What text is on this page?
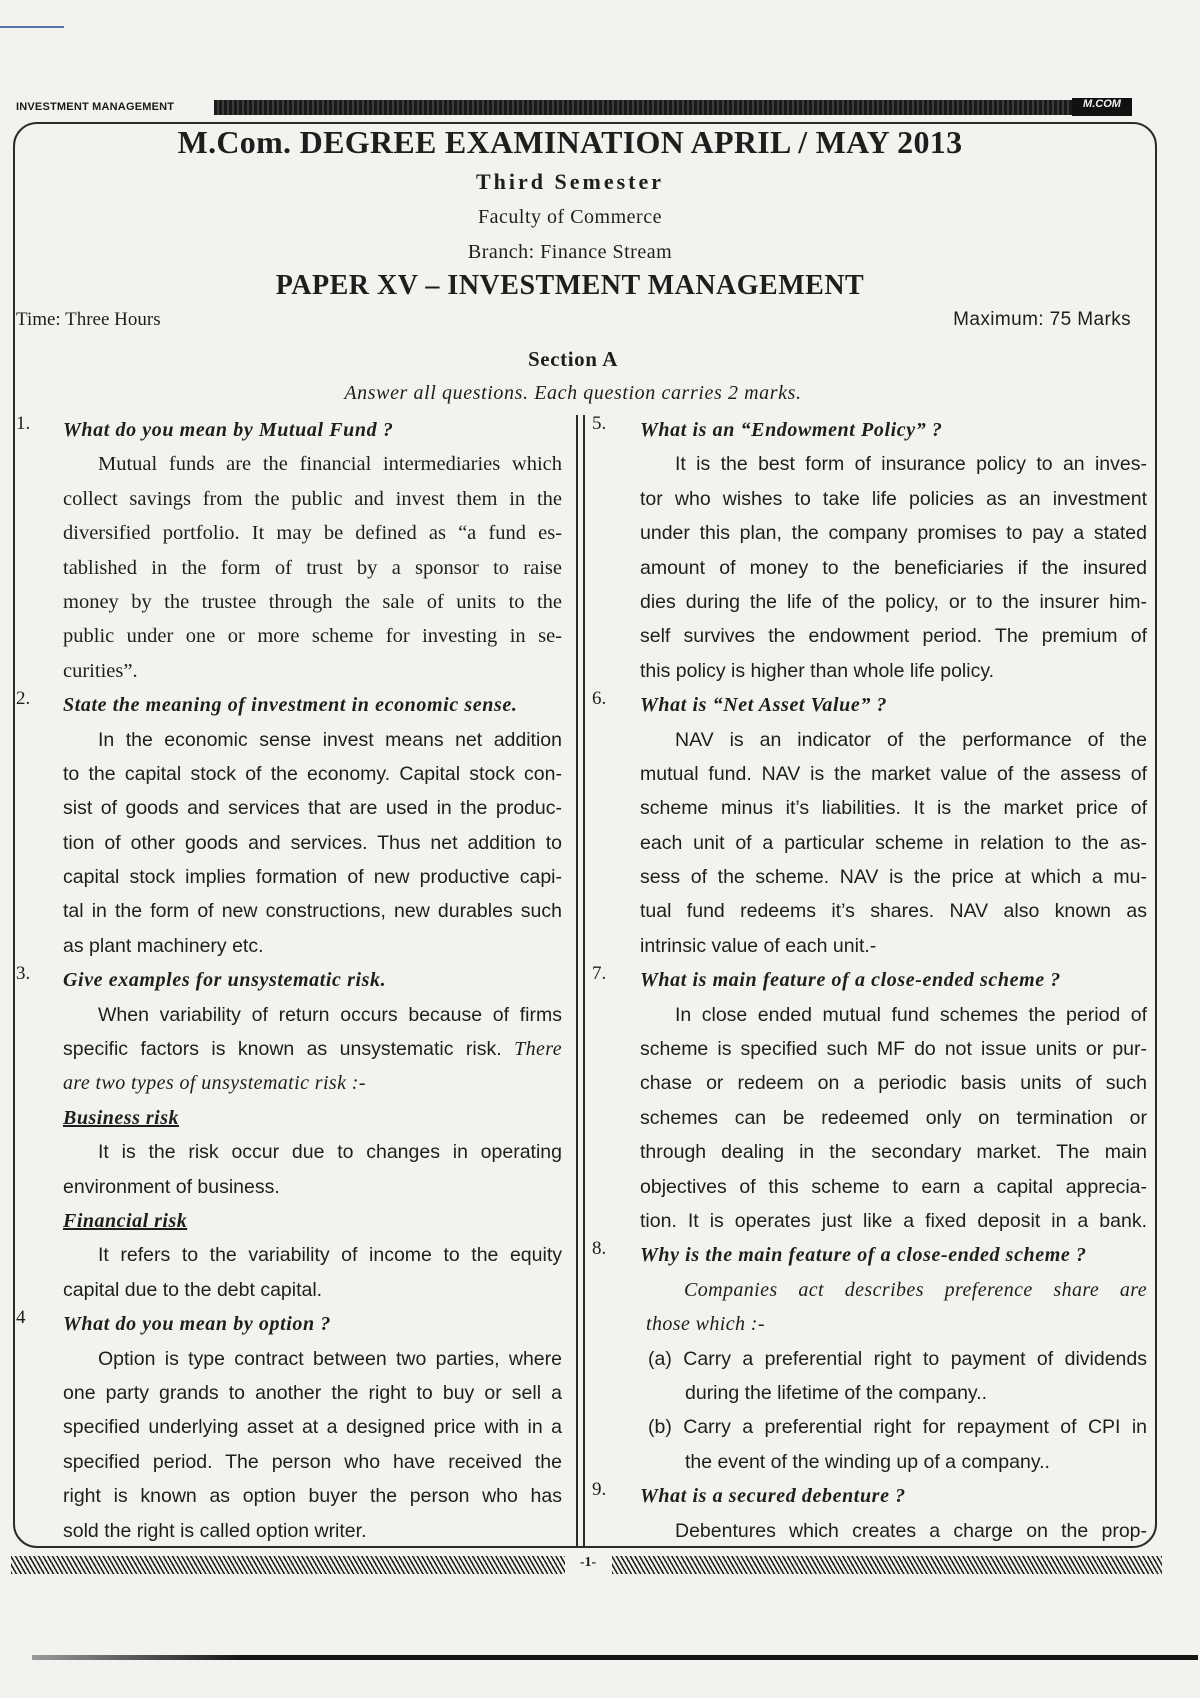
INVESTMENT MANAGEMENT	M.COM
M.Com. DEGREE EXAMINATION APRIL / MAY 2013
Third Semester
Faculty of Commerce
Branch: Finance Stream
PAPER XV – INVESTMENT MANAGEMENT
Time: Three Hours	Maximum: 75 Marks
Section A
Answer all questions. Each question carries 2 marks.
1. What do you mean by Mutual Fund ?
Mutual funds are the financial intermediaries which
collect savings from the public and invest them in the
diversified portfolio. It may be defined as “a fund es-
tablished in the form of trust by a sponsor to raise
money by the trustee through the sale of units to the
public under one or more scheme for investing in se-
curities”.
2. State the meaning of investment in economic sense.
In the economic sense invest means net addition
to the capital stock of the economy. Capital stock con-
sist of goods and services that are used in the produc-
tion of other goods and services. Thus net addition to
capital stock implies formation of new productive capi-
tal in the form of new constructions, new durables such
as plant machinery etc.
3. Give examples for unsystematic risk.
When variability of return occurs because of firms
specific factors is known as unsystematic risk. There
are two types of unsystematic risk :-
Business risk
It is the risk occur due to changes in operating
environment of business.
Financial risk
It refers to the variability of income to the equity
capital due to the debt capital.
4 What do you mean by option ?
Option is type contract between two parties, where
one party grands to another the right to buy or sell a
specified underlying asset at a designed price with in a
specified period. The person who have received the
right is known as option buyer the person who has
sold the right is called option writer.
5. What is an “Endowment Policy” ?
It is the best form of insurance policy to an inves-
tor who wishes to take life policies as an investment
under this plan, the company promises to pay a stated
amount of money to the beneficiaries if the insured
dies during the life of the policy, or to the insurer him-
self survives the endowment period. The premium of
this policy is higher than whole life policy.
6. What is “Net Asset Value” ?
NAV is an indicator of the performance of the
mutual fund. NAV is the market value of the assess of
scheme minus it’s liabilities. It is the market price of
each unit of a particular scheme in relation to the as-
sess of the scheme. NAV is the price at which a mu-
tual fund redeems it’s shares. NAV also known as
intrinsic value of each unit.-
7. What is main feature of a close-ended scheme ?
In close ended mutual fund schemes the period of
scheme is specified such MF do not issue units or pur-
chase or redeem on a periodic basis units of such
schemes can be redeemed only on termination or
through dealing in the secondary market. The main
objectives of this scheme to earn a capital apprecia-
tion. It is operates just like a fixed deposit in a bank.
8. Why is the main feature of a close-ended scheme ?
Companies act describes preference share are
those which :-
(a) Carry a preferential right to payment of dividends
during the lifetime of the company..
(b) Carry a preferential right for repayment of CPI in
the event of the winding up of a company..
9. What is a secured debenture ?
Debentures which creates a charge on the prop-
-1-
